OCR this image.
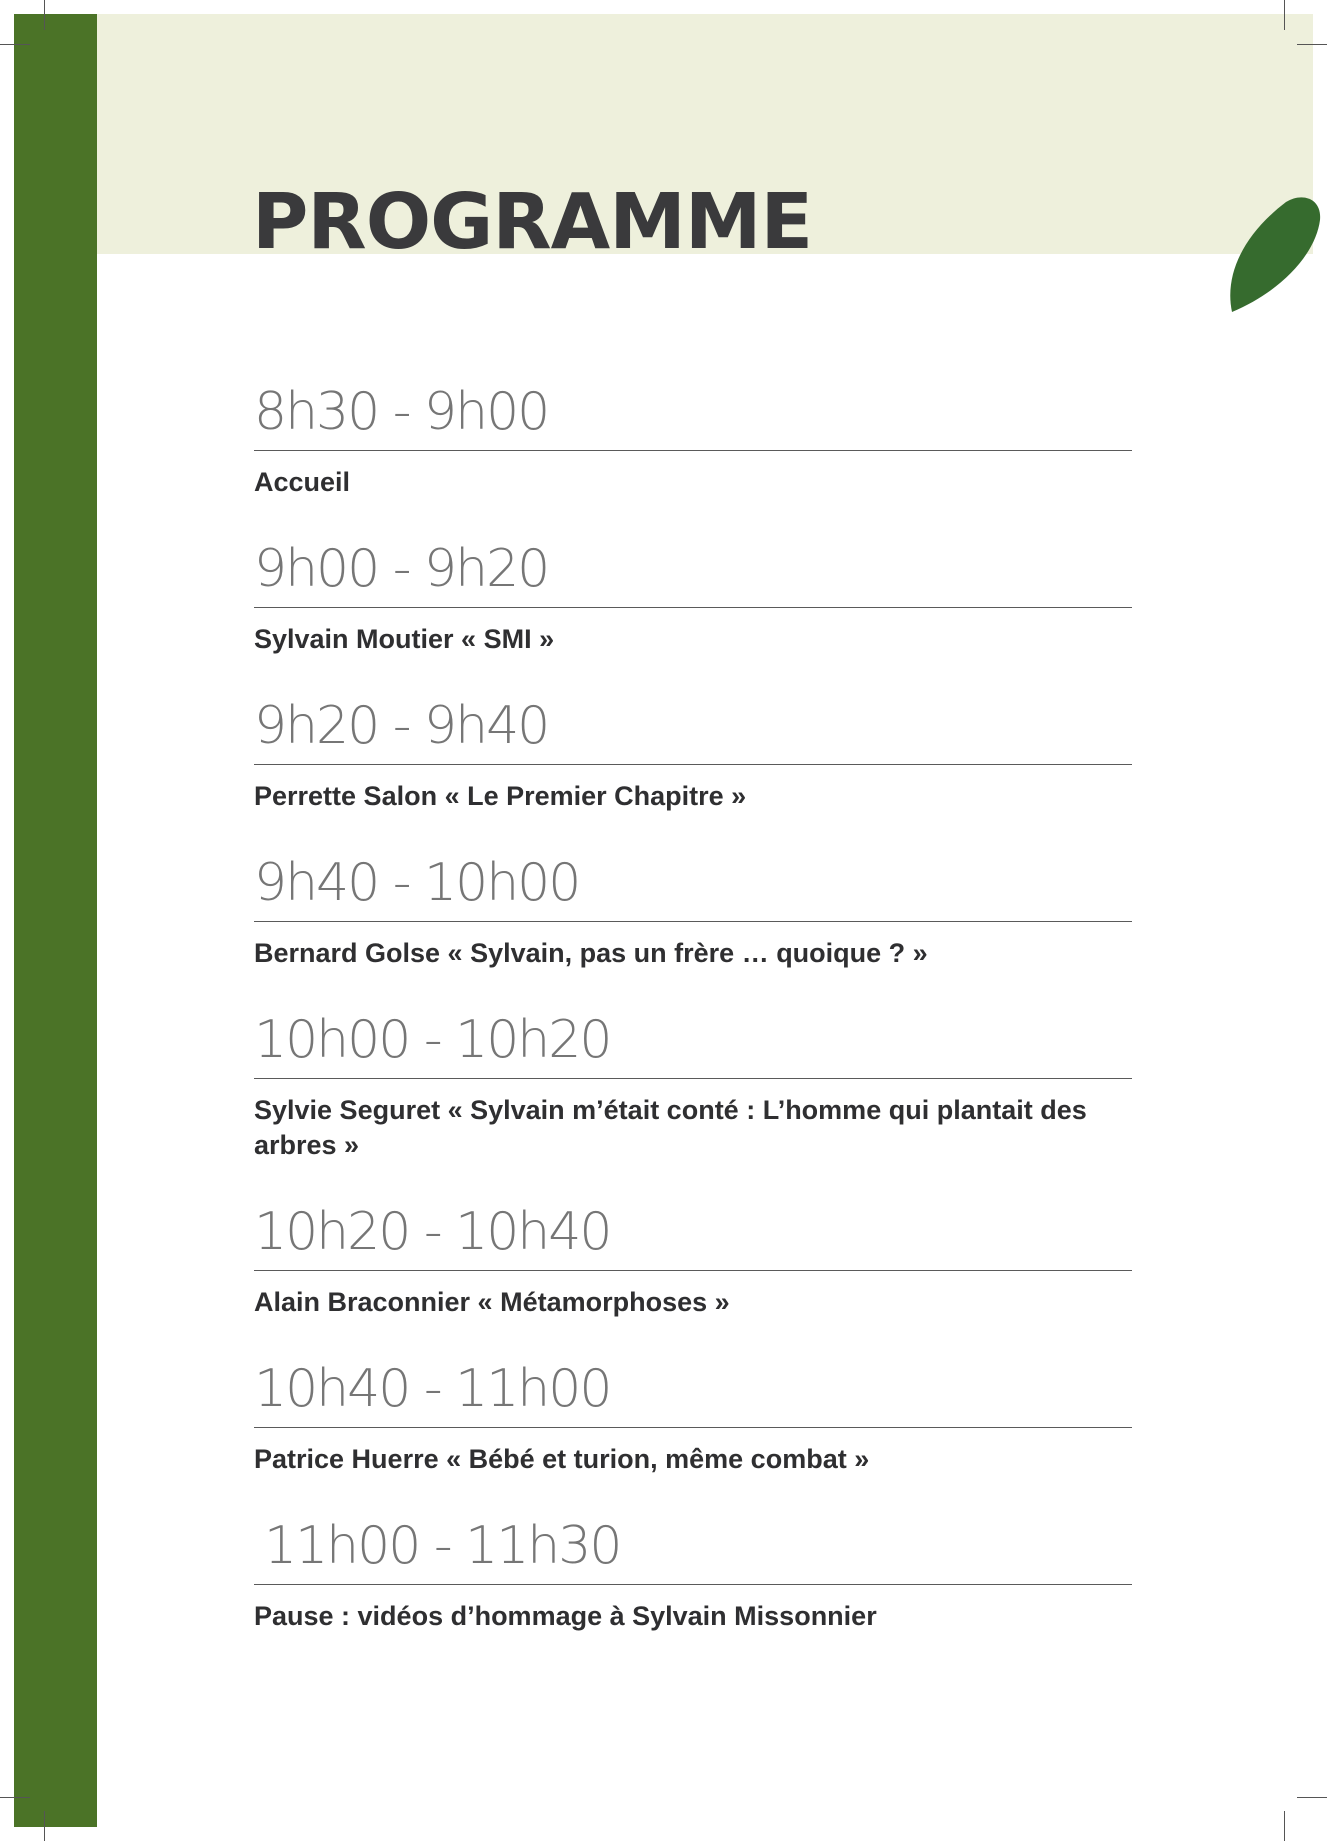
PROGRAMME
8h30 - 9h00
Accueil
9h00 - 9h20
Sylvain Moutier « SMI »
9h20 - 9h40
Perrette Salon « Le Premier Chapitre »
9h40 - 10h00
Bernard Golse « Sylvain, pas un frère … quoique ? »
10h00 - 10h20
Sylvie Seguret « Sylvain m’était conté : L’homme qui plantait des arbres »
10h20 - 10h40
Alain Braconnier « Métamorphoses »
10h40 - 11h00
Patrice Huerre « Bébé et turion, même combat »
11h00 - 11h30
Pause : vidéos d’hommage à Sylvain Missonnier
